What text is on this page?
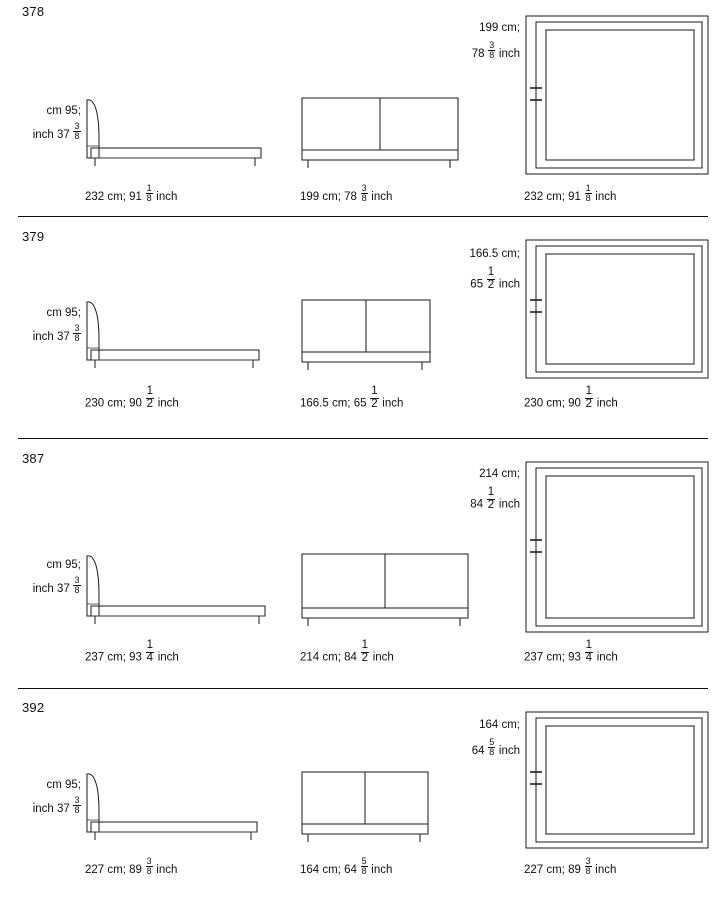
378
cm 95;
inch $37 \frac{3}{8}$
232 cm; $91 \frac{1}{8}$ inch	199 cm; $78 \frac{3}{8}$ inch
199 cm;
$78 \frac{3}{8}$ inch
232 cm; $91 \frac{1}{8}$ inch
379
cm 95;
inch $37 \frac{3}{8}$
230 cm; $90 \frac{1}{2}$ inch	166.5 cm; $65 \frac{1}{2}$ inch
166.5 cm;
$65 \frac{1}{2}$ inch
230 cm; $90 \frac{1}{2}$ inch
387
cm 95;
inch $37 \frac{3}{8}$
237 cm; $93 \frac{1}{4}$ inch	214 cm; $84 \frac{1}{2}$ inch
214 cm;
$84 \frac{1}{2}$ inch
237 cm; $93 \frac{1}{4}$ inch
392
cm 95;
inch $37 \frac{3}{8}$
227 cm; $89 \frac{3}{8}$ inch	164 cm; $64 \frac{5}{8}$ inch
164 cm;
$64 \frac{5}{8}$ inch
227 cm; $89 \frac{3}{8}$ inch
